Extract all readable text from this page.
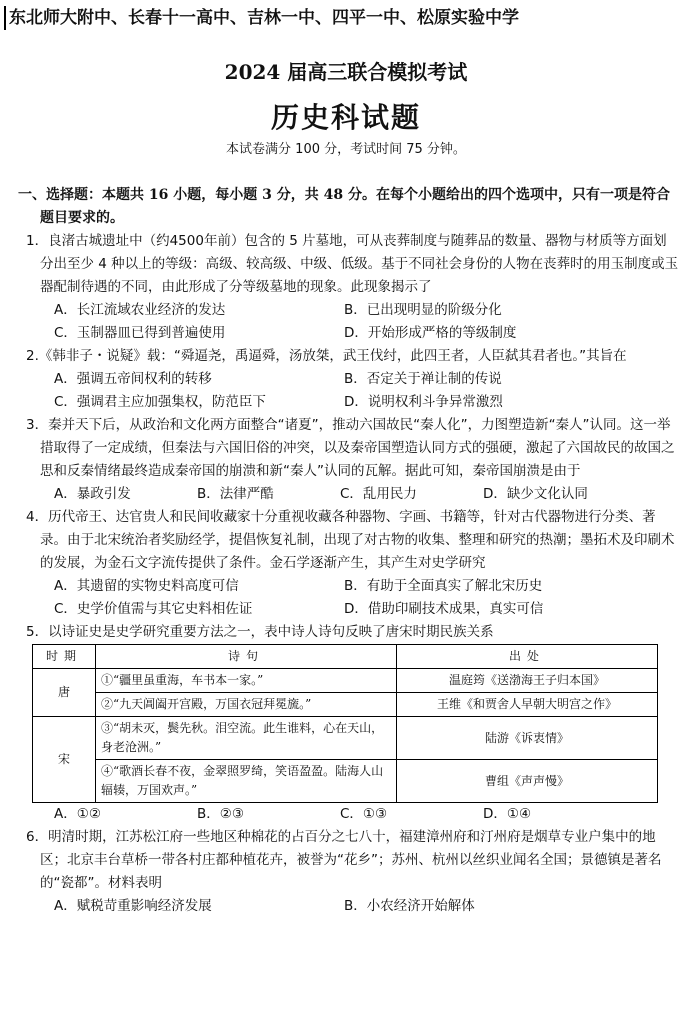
东北师大附中、长春十一高中、吉林一中、四平一中、松原实验中学
2024 届高三联合模拟考试
历史科试题
本试卷满分 100 分，考试时间 75 分钟。
一、选择题：本题共 16 小题，每小题 3 分，共 48 分。在每个小题给出的四个选项中，只有一项是符合题目要求的。
1．良渚古城遗址中（约4500年前）包含的 5 片墓地，可从丧葬制度与随葬品的数量、器物与材质等方面划分出至少 4 种以上的等级：高级、较高级、中级、低级。基于不同社会身份的人物在丧葬时的用玉制度或玉器配制待遇的不同，由此形成了分等级墓地的现象。此现象揭示了
A．长江流域农业经济的发达	B．已出现明显的阶级分化
C．玉制器皿已得到普遍使用	D．开始形成严格的等级制度
2.《韩非子・说疑》载：“舜逼尧，禹逼舜，汤放桀，武王伐纣，此四王者，人臣弑其君者也。”其旨在
A．强调五帝间权利的转移	B．否定关于禅让制的传说
C．强调君主应加强集权，防范臣下	D．说明权利斗争异常激烈
3．秦并天下后，从政治和文化两方面整合“诸夏”，推动六国故民“秦人化”，力图塑造新“秦人”认同。这一举措取得了一定成绩，但秦法与六国旧俗的冲突，以及秦帝国塑造认同方式的强硬，激起了六国故民的故国之思和反秦情绪最终造成秦帝国的崩溃和新“秦人”认同的瓦解。据此可知，秦帝国崩溃是由于
A．暴政引发	B．法律严酷	C．乱用民力	D．缺少文化认同
4．历代帝王、达官贵人和民间收藏家十分重视收藏各种器物、字画、书籍等，针对古代器物进行分类、著录。由于北宋统治者奖励经学，提倡恢复礼制，出现了对古物的收集、整理和研究的热潮；墨拓术及印刷术的发展，为金石文字流传提供了条件。金石学逐渐产生，其产生对史学研究
A．其遗留的实物史料高度可信	B．有助于全面真实了解北宋历史
C．史学价值需与其它史料相佐证	D．借助印刷技术成果，真实可信
5．以诗证史是史学研究重要方法之一，表中诗人诗句反映了唐宋时期民族关系
时期	诗句	出处
唐	①“疆里虽重海，车书本一家。”	温庭筠《送渤海王子归本国》
	②“九天阊阖开宫殿，万国衣冠拜冕旒。”	王维《和贾舍人早朝大明宫之作》
宋	③“胡未灭，鬓先秋。泪空流。此生谁料，心在天山，身老沧洲。”	陆游《诉衷情》
	④“歌酒长春不夜，金翠照罗绮，笑语盈盈。陆海人山辐辏，万国欢声。”	曹组《声声慢》
A．①②	B．②③	C．①③	D．①④
6．明清时期，江苏松江府一些地区种棉花的占百分之七八十，福建漳州府和汀州府是烟草专业户集中的地区；北京丰台草桥一带各村庄都种植花卉，被誉为“花乡”；苏州、杭州以丝织业闻名全国；景德镇是著名的“瓷都”。材料表明
A．赋税苛重影响经济发展	B．小农经济开始解体
